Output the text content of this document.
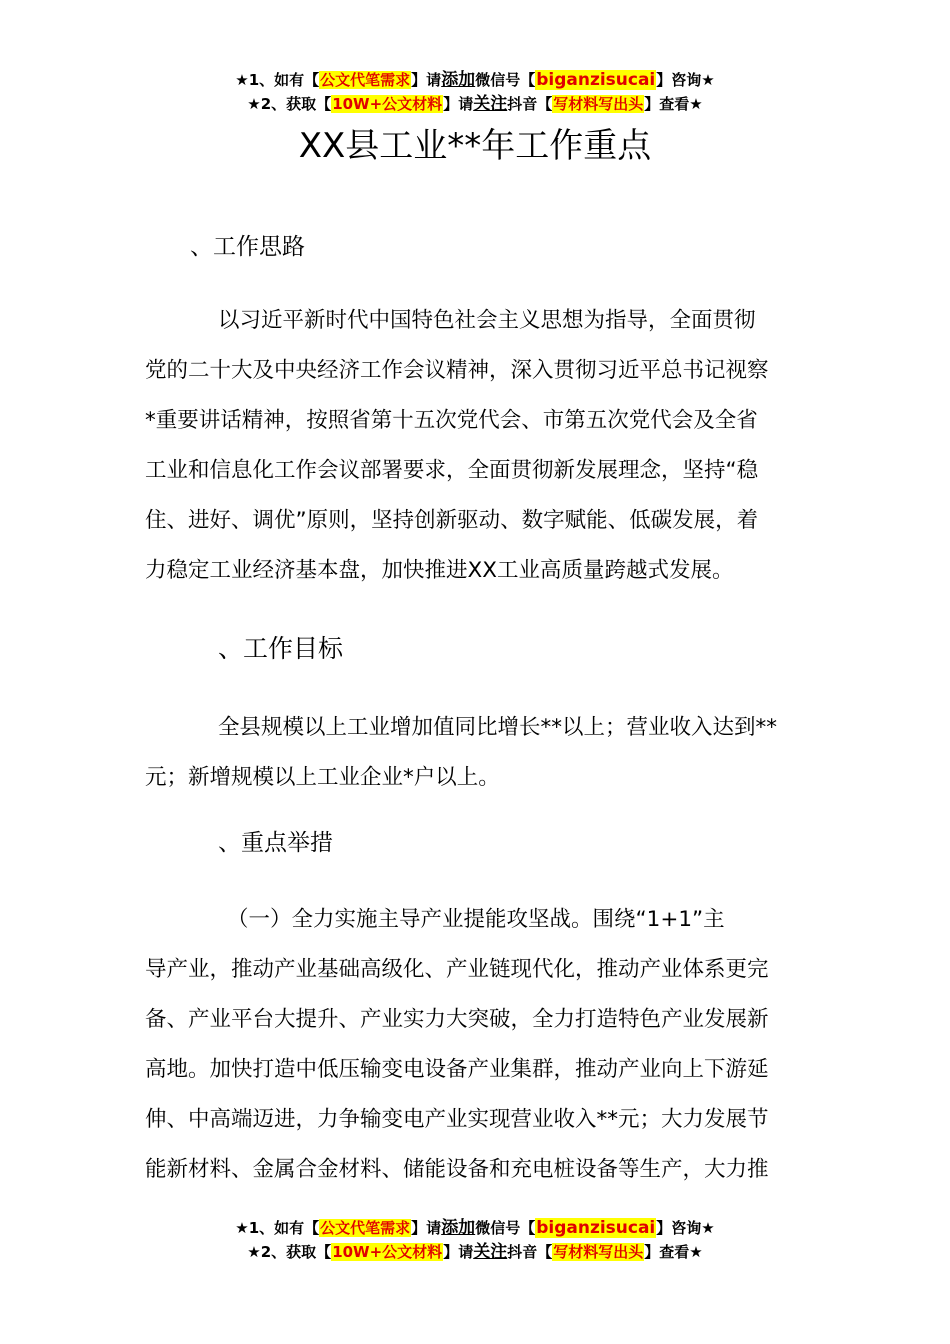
★1、如有【公文代笔需求】请添加微信号【biganzisucai】咨询★
★2、获取【10W+公文材料】请关注抖音【写材料写出头】查看★
XX县工业**年工作重点
、工作思路
以习近平新时代中国特色社会主义思想为指导，全面贯彻
党的二十大及中央经济工作会议精神，深入贯彻习近平总书记视察
*重要讲话精神，按照省第十五次党代会、市第五次党代会及全省
工业和信息化工作会议部署要求，全面贯彻新发展理念，坚持“稳
住、进好、调优”原则，坚持创新驱动、数字赋能、低碳发展，着
力稳定工业经济基本盘，加快推进XX工业高质量跨越式发展。
、工作目标
全县规模以上工业增加值同比增长**以上；营业收入达到**
元；新增规模以上工业企业*户以上。
、重点举措
（一）全力实施主导产业提能攻坚战。围绕“1+1”主
导产业，推动产业基础高级化、产业链现代化，推动产业体系更完
备、产业平台大提升、产业实力大突破，全力打造特色产业发展新
高地。加快打造中低压输变电设备产业集群，推动产业向上下游延
伸、中高端迈进，力争输变电产业实现营业收入**元；大力发展节
能新材料、金属合金材料、储能设备和充电桩设备等生产，大力推
★1、如有【公文代笔需求】请添加微信号【biganzisucai】咨询★
★2、获取【10W+公文材料】请关注抖音【写材料写出头】查看★
